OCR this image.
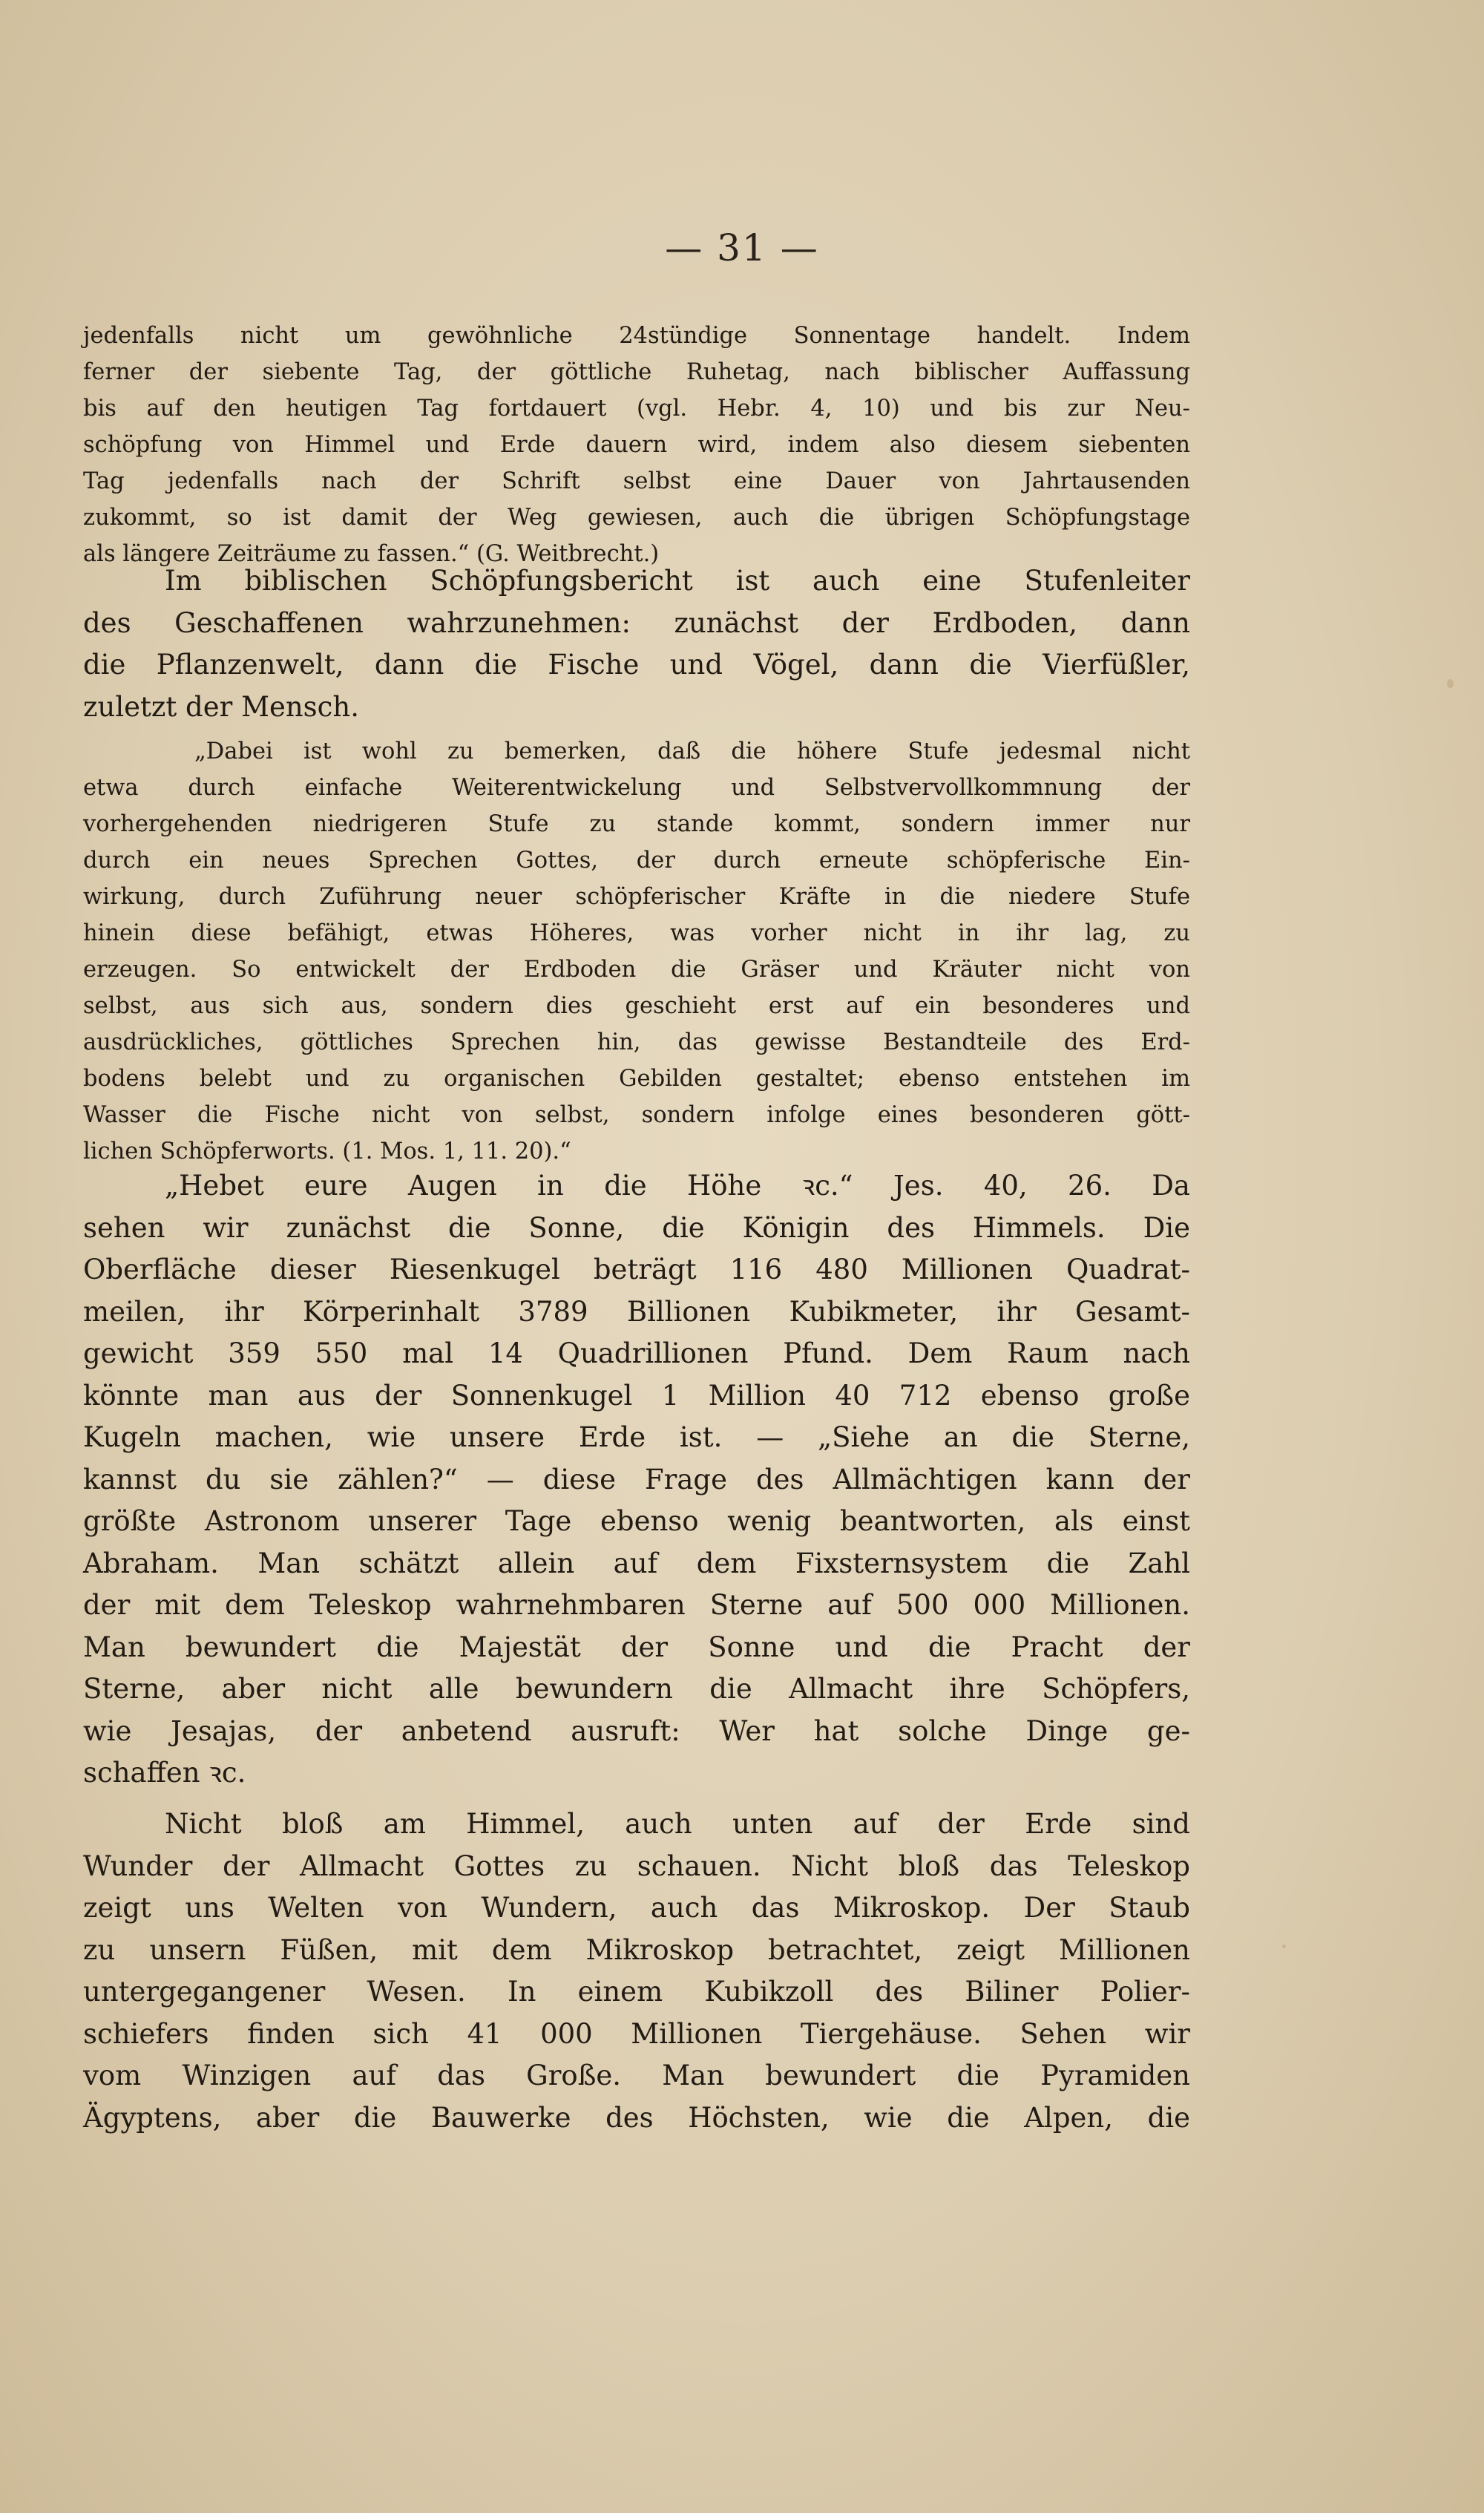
— 31 —
jedenfalls nicht um gewöhnliche 24stündige Sonnentage handelt. Indem
ferner der siebente Tag, der göttliche Ruhetag, nach biblischer Auffassung
bis auf den heutigen Tag fortdauert (vgl. Hebr. 4, 10) und bis zur Neu-
schöpfung von Himmel und Erde dauern wird, indem also diesem siebenten
Tag jedenfalls nach der Schrift selbst eine Dauer von Jahrtausenden
zukommt, so ist damit der Weg gewiesen, auch die übrigen Schöpfungstage
als längere Zeiträume zu fassen.“ (G. Weitbrecht.)
Im biblischen Schöpfungsbericht ist auch eine Stufenleiter
des Geschaffenen wahrzunehmen: zunächst der Erdboden, dann
die Pflanzenwelt, dann die Fische und Vögel, dann die Vierfüßler,
zuletzt der Mensch.
„Dabei ist wohl zu bemerken, daß die höhere Stufe jedesmal nicht
etwa durch einfache Weiterentwickelung und Selbstvervollkommnung der
vorhergehenden niedrigeren Stufe zu stande kommt, sondern immer nur
durch ein neues Sprechen Gottes, der durch erneute schöpferische Ein-
wirkung, durch Zuführung neuer schöpferischer Kräfte in die niedere Stufe
hinein diese befähigt, etwas Höheres, was vorher nicht in ihr lag, zu
erzeugen. So entwickelt der Erdboden die Gräser und Kräuter nicht von
selbst, aus sich aus, sondern dies geschieht erst auf ein besonderes und
ausdrückliches, göttliches Sprechen hin, das gewisse Bestandteile des Erd-
bodens belebt und zu organischen Gebilden gestaltet; ebenso entstehen im
Wasser die Fische nicht von selbst, sondern infolge eines besonderen gött-
lichen Schöpferworts. (1. Mos. 1, 11. 20).“
„Hebet eure Augen in die Höhe ꝛc.“ Jes. 40, 26. Da
sehen wir zunächst die Sonne, die Königin des Himmels. Die
Oberfläche dieser Riesenkugel beträgt 116 480 Millionen Quadrat-
meilen, ihr Körperinhalt 3789 Billionen Kubikmeter, ihr Gesamt-
gewicht 359 550 mal 14 Quadrillionen Pfund. Dem Raum nach
könnte man aus der Sonnenkugel 1 Million 40 712 ebenso große
Kugeln machen, wie unsere Erde ist. — „Siehe an die Sterne,
kannst du sie zählen?“ — diese Frage des Allmächtigen kann der
größte Astronom unserer Tage ebenso wenig beantworten, als einst
Abraham. Man schätzt allein auf dem Fixsternsystem die Zahl
der mit dem Teleskop wahrnehmbaren Sterne auf 500 000 Millionen.
Man bewundert die Majestät der Sonne und die Pracht der
Sterne, aber nicht alle bewundern die Allmacht ihre Schöpfers,
wie Jesajas, der anbetend ausruft: Wer hat solche Dinge ge-
schaffen ꝛc.
Nicht bloß am Himmel, auch unten auf der Erde sind
Wunder der Allmacht Gottes zu schauen. Nicht bloß das Teleskop
zeigt uns Welten von Wundern, auch das Mikroskop. Der Staub
zu unsern Füßen, mit dem Mikroskop betrachtet, zeigt Millionen
untergegangener Wesen. In einem Kubikzoll des Biliner Polier-
schiefers finden sich 41 000 Millionen Tiergehäuse. Sehen wir
vom Winzigen auf das Große. Man bewundert die Pyramiden
Ägyptens, aber die Bauwerke des Höchsten, wie die Alpen, die
